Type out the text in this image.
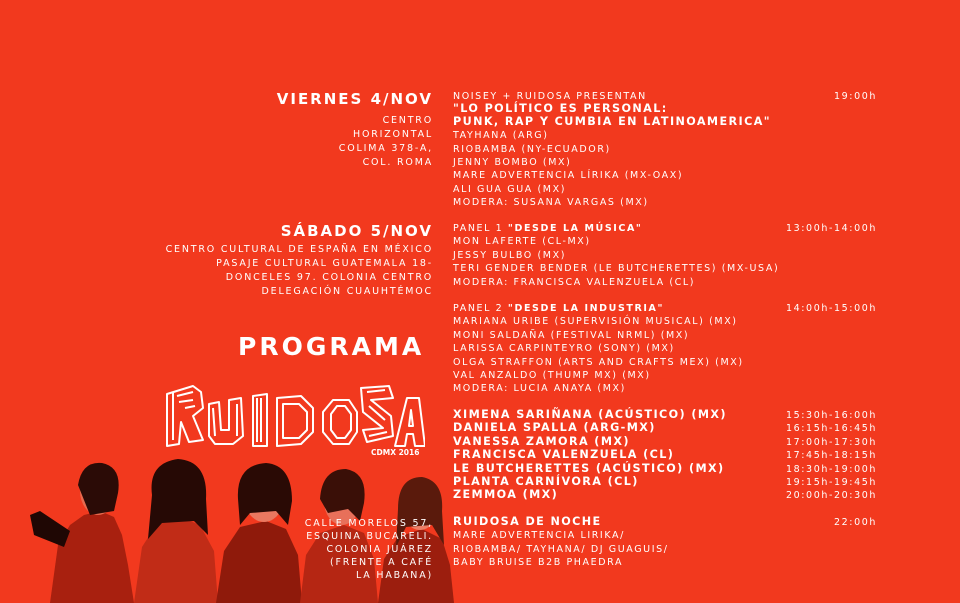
VIERNES 4/NOV
CENTRO
HORIZONTAL
COLIMA 378-A,
COL. ROMA
SÁBADO 5/NOV
CENTRO CULTURAL DE ESPAÑA EN MÉXICO
PASAJE CULTURAL GUATEMALA 18-
DONCELES 97. COLONIA CENTRO
DELEGACIÓN CUAUHTÉMOC
PROGRAMA
CDMX 2016
CALLE MORELOS 57,
ESQUINA BUCARELI.
COLONIA JUÁREZ
(FRENTE A CAFÉ
LA HABANA)
NOISEY + RUIDOSA PRESENTAN	19:00h
"LO POLÍTICO ES PERSONAL:
PUNK, RAP Y CUMBIA EN LATINOAMERICA"
TAYHANA (ARG)
RIOBAMBA (NY-ECUADOR)
JENNY BOMBO (MX)
MARE ADVERTENCIA LÍRIKA (MX-OAX)
ALI GUA GUA (MX)
MODERA: SUSANA VARGAS (MX)
PANEL 1 "DESDE LA MÚSICA"	13:00h-14:00h
MON LAFERTE (CL-MX)
JESSY BULBO (MX)
TERI GENDER BENDER (LE BUTCHERETTES) (MX-USA)
MODERA: FRANCISCA VALENZUELA (CL)
PANEL 2 "DESDE LA INDUSTRIA"	14:00h-15:00h
MARIANA URIBE (SUPERVISIÓN MUSICAL) (MX)
MONI SALDAÑA (FESTIVAL NRML) (MX)
LARISSA CARPINTEYRO (SONY) (MX)
OLGA STRAFFON (ARTS AND CRAFTS MEX) (MX)
VAL ANZALDO (THUMP MX) (MX)
MODERA: LUCIA ANAYA (MX)
XIMENA SARIÑANA (ACÚSTICO) (MX)	15:30h-16:00h
DANIELA SPALLA (ARG-MX)	16:15h-16:45h
VANESSA ZAMORA (MX)	17:00h-17:30h
FRANCISCA VALENZUELA (CL)	17:45h-18:15h
LE BUTCHERETTES (ACÚSTICO) (MX)	18:30h-19:00h
PLANTA CARNÍVORA (CL)	19:15h-19:45h
ZEMMOA (MX)	20:00h-20:30h
RUIDOSA DE NOCHE	22:00h
MARE ADVERTENCIA LIRIKA/
RIOBAMBA/ TAYHANA/ DJ GUAGUIS/
BABY BRUISE B2B PHAEDRA
